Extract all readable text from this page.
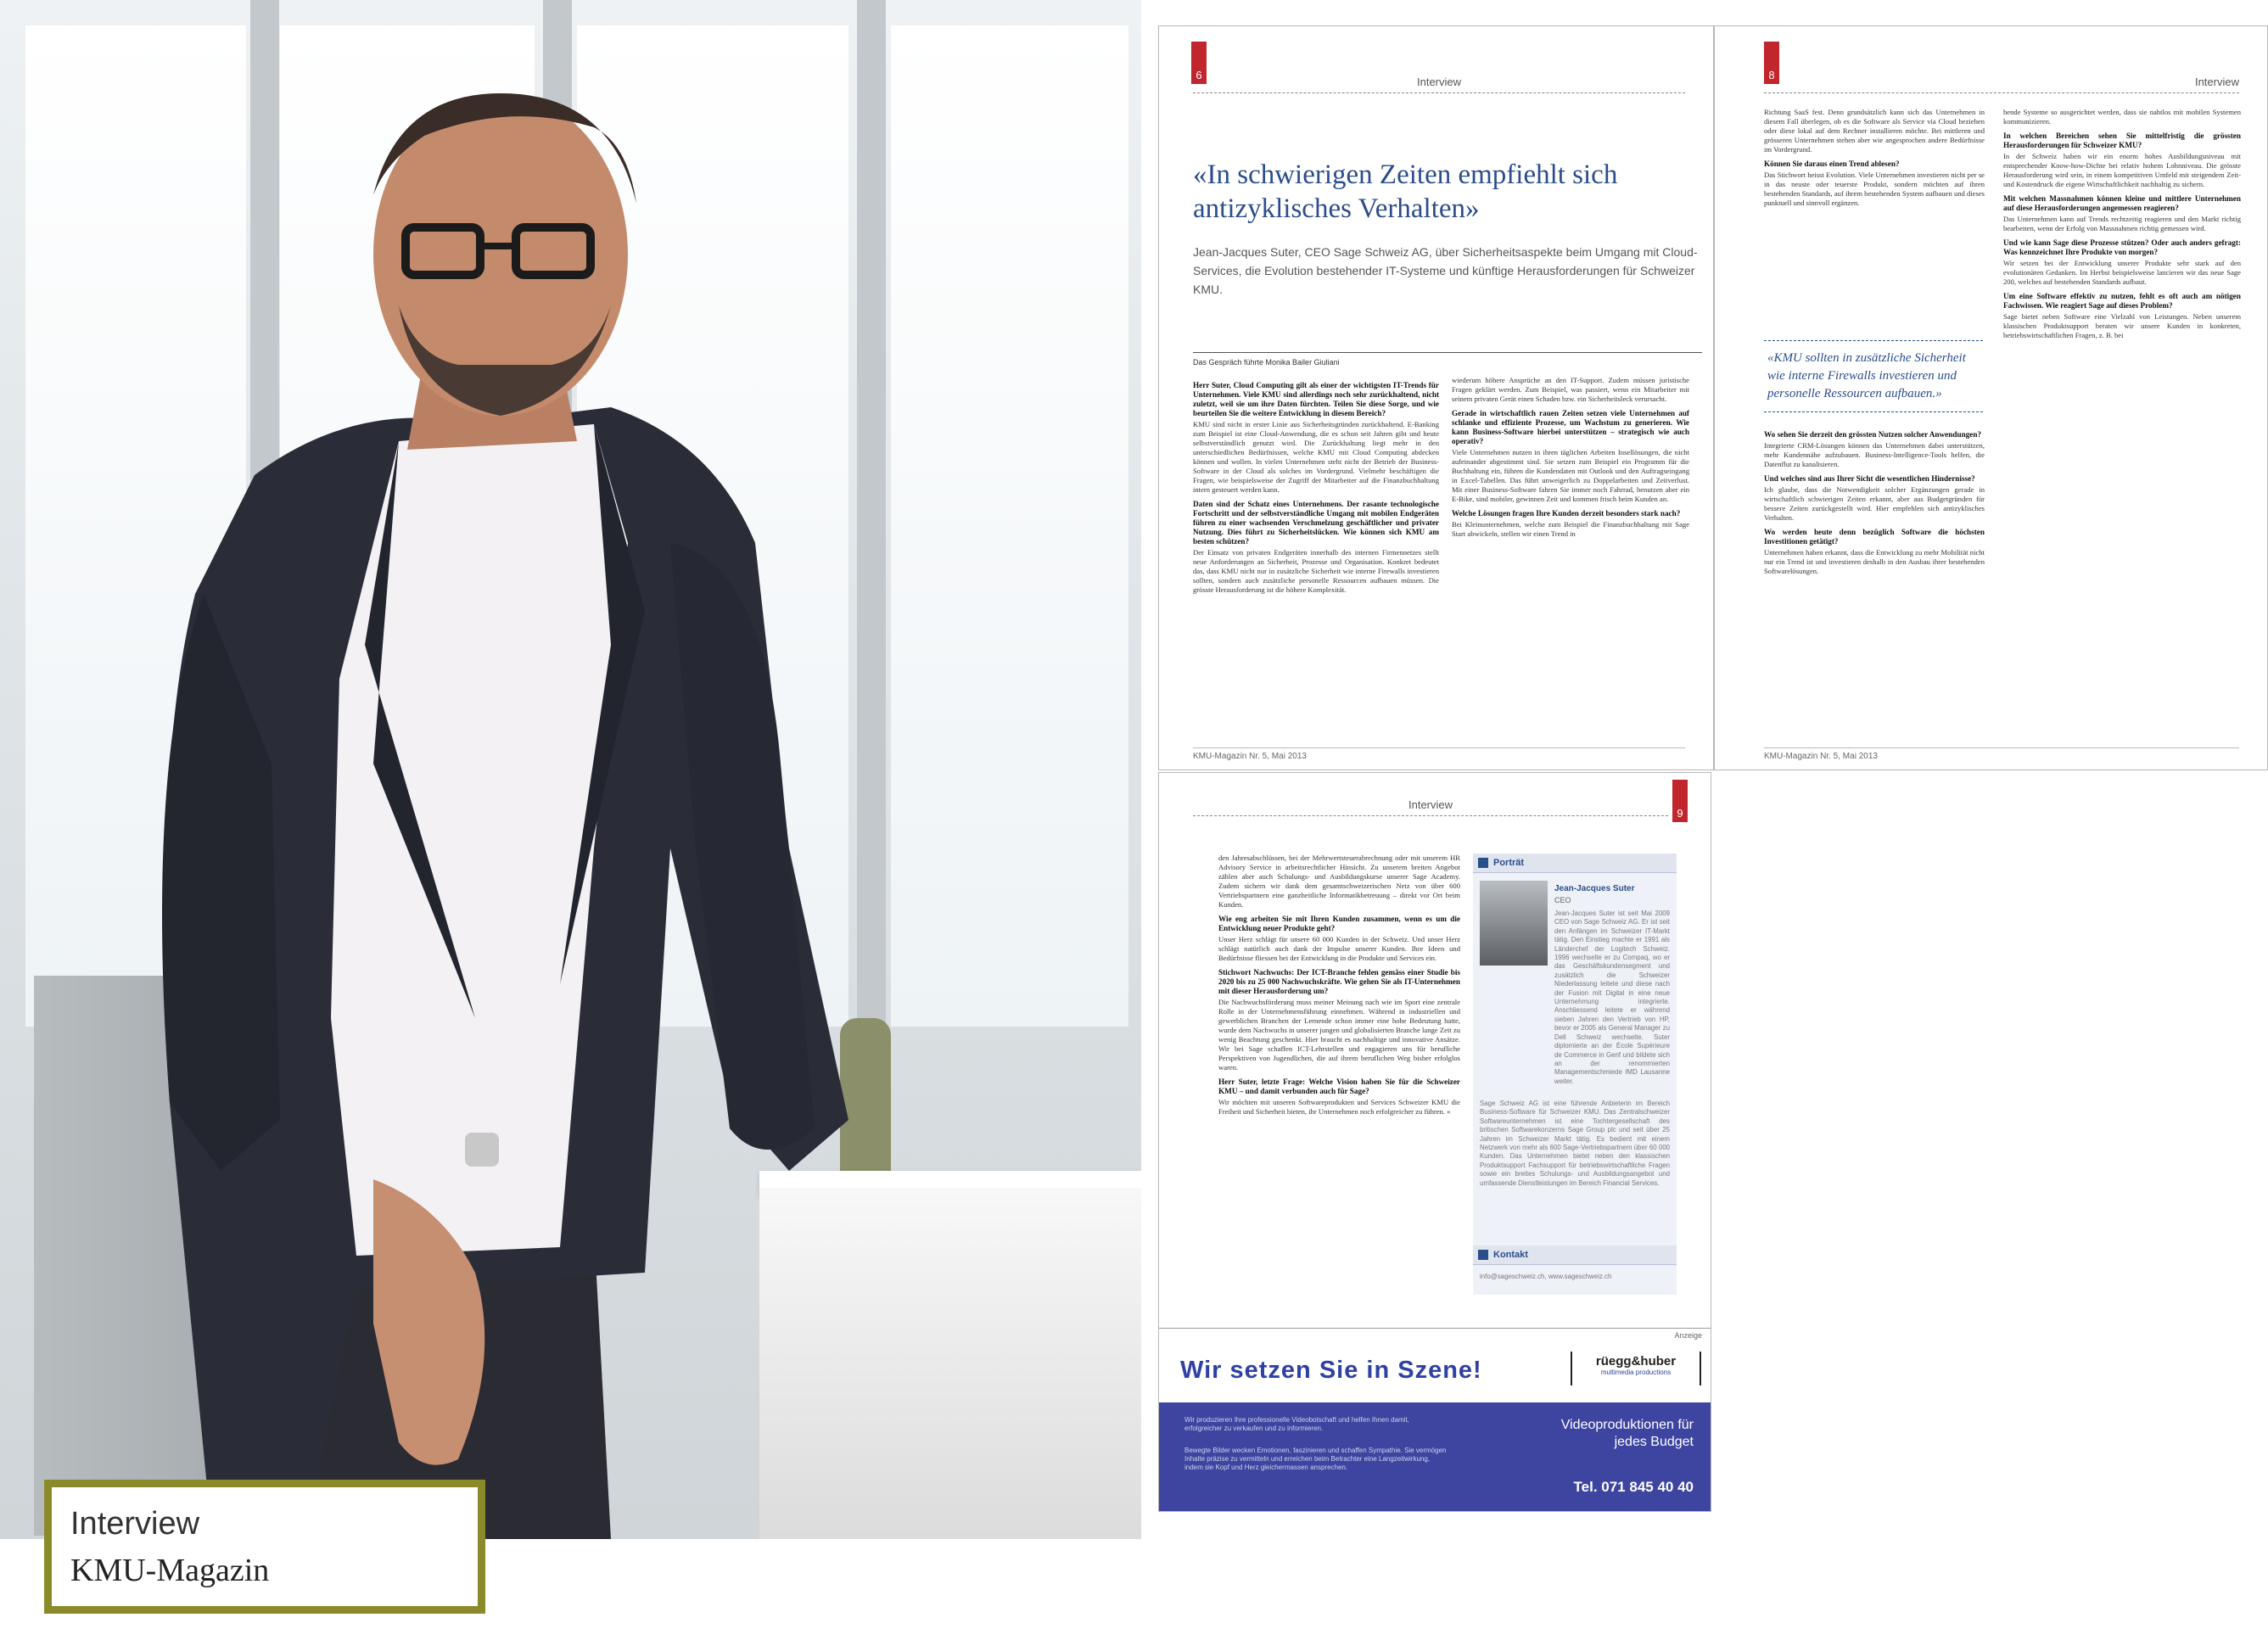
Interview
KMU-Magazin
6
Interview
«In schwierigen Zeiten empfiehlt sich antizyklisches Verhalten»
Jean-Jacques Suter, CEO Sage Schweiz AG, über Sicherheitsaspekte beim Umgang mit Cloud-Services, die Evolution bestehender IT-Systeme und künftige Herausforderungen für Schweizer KMU.
Das Gespräch führte Monika Bailer Giuliani
Herr Suter, Cloud Computing gilt als einer der wichtigsten IT-Trends für Unternehmen. Viele KMU sind allerdings noch sehr zurückhaltend, nicht zuletzt, weil sie um ihre Daten fürchten. Teilen Sie diese Sorge, und wie beurteilen Sie die weitere Entwicklung in diesem Bereich?

KMU sind nicht in erster Linie aus Sicherheitsgründen zurückhaltend. E-Banking zum Beispiel ist eine Cloud-Anwendung, die es schon seit Jahren gibt und heute selbstverständlich genutzt wird. Die Zurückhaltung liegt mehr in den unterschiedlichen Bedürfnissen, welche KMU mit Cloud Computing abdecken können und wollen. In vielen Unternehmen steht nicht der Betrieb der Business-Software in der Cloud als solches im Vordergrund. Vielmehr beschäftigen die Fragen, wie beispielsweise der Zugriff der Mitarbeiter auf die Finanzbuchhaltung intern gesteuert werden kann.

Daten sind der Schatz eines Unternehmens. Der rasante technologische Fortschritt und der selbstverständliche Umgang mit mobilen Endgeräten führen zu einer wachsenden Verschmelzung geschäftlicher und privater Nutzung. Dies führt zu Sicherheitslücken. Wie können sich KMU am besten schützen?

Der Einsatz von privaten Endgeräten innerhalb des internen Firmennetzes stellt neue Anforderungen an Sicherheit, Prozesse und Organisation. Konkret bedeutet das, dass KMU nicht nur in zusätzliche Sicherheit wie interne Firewalls investieren sollten, sondern auch zusätzliche personelle Ressourcen aufbauen müssen. Die grösste Herausforderung ist die höhere Komplexität.

wiederum höhere Ansprüche an den IT-Support. Zudem müssen juristische Fragen geklärt werden. Zum Beispiel, was passiert, wenn ein Mitarbeiter mit seinem privaten Gerät einen Schaden bzw. ein Sicherheitsleck verursacht.

Gerade in wirtschaftlich rauen Zeiten setzen viele Unternehmen auf schlanke und effiziente Prozesse, um Wachstum zu generieren. Wie kann Business-Software hierbei unterstützen – strategisch wie auch operativ?

Viele Unternehmen nutzen in ihren täglichen Arbeiten Insellösungen, die nicht aufeinander abgestimmt sind. Sie setzen zum Beispiel ein Programm für die Buchhaltung ein, führen die Kundendaten mit Outlook und den Auftragseingang in Excel-Tabellen. Das führt unweigerlich zu Doppelarbeiten und Zeitverlust. Mit einer Business-Software fahren Sie immer noch Fahrrad, benutzen aber ein E-Bike, sind mobiler, gewinnen Zeit und kommen frisch beim Kunden an.

Welche Lösungen fragen Ihre Kunden derzeit besonders stark nach?

Bei Kleinunternehmen, welche zum Beispiel die Finanzbuchhaltung mit Sage Start abwickeln, stellen wir einen Trend in

KMU-Magazin Nr. 5, Mai 2013
8
Interview

Richtung SaaS fest. Denn grundsätzlich kann sich das Unternehmen in diesem Fall überlegen, ob es die Software als Service via Cloud beziehen oder diese lokal auf dem Rechner installieren möchte. Bei mittleren und grösseren Unternehmen stehen aber wie angesprochen andere Bedürfnisse im Vordergrund.

Können Sie daraus einen Trend ablesen?

Das Stichwort heisst Evolution. Viele Unternehmen investieren nicht per se in das neuste oder teuerste Produkt, sondern möchten auf ihren bestehenden Standards, auf ihrem bestehenden System aufbauen und dieses punktuell und sinnvoll ergänzen.

«KMU sollten in zusätzliche Sicherheit wie interne Firewalls investieren und personelle Ressourcen aufbauen.»
Wo sehen Sie derzeit den grössten Nutzen solcher Anwendungen?

Integrierte CRM-Lösungen können das Unternehmen dabei unterstützen, mehr Kundennähe aufzubauen. Business-Intelligence-Tools helfen, die Datenflut zu kanalisieren.

Und welches sind aus Ihrer Sicht die wesentlichen Hindernisse?

Ich glaube, dass die Notwendigkeit solcher Ergänzungen gerade in wirtschaftlich schwierigen Zeiten erkannt, aber aus Budgetgründen für bessere Zeiten zurückgestellt wird. Hier empfehlen sich antizyklisches Verhalten.

Wo werden heute denn bezüglich Software die höchsten Investitionen getätigt?

Unternehmen haben erkannt, dass die Entwicklung zu mehr Mobilität nicht nur ein Trend ist und investieren deshalb in den Ausbau ihrer bestehenden Softwarelösungen.

hende Systeme so ausgerichtet werden, dass sie nahtlos mit mobilen Systemen kommunizieren.

In welchen Bereichen sehen Sie mittelfristig die grössten Herausforderungen für Schweizer KMU?

In der Schweiz haben wir ein enorm hohes Ausbildungsniveau mit entsprechender Know-how-Dichte bei relativ hohem Lohnniveau. Die grösste Herausforderung wird sein, in einem kompetitiven Umfeld mit steigendem Zeit- und Kostendruck die eigene Wirtschaftlichkeit nachhaltig zu sichern.

Mit welchen Massnahmen können kleine und mittlere Unternehmen auf diese Herausforderungen angemessen reagieren?

Das Unternehmen kann auf Trends rechtzeitig reagieren und den Markt richtig bearbeiten, wenn der Erfolg von Massnahmen richtig gemessen wird.

Und wie kann Sage diese Prozesse stützen? Oder auch anders gefragt: Was kennzeichnet Ihre Produkte von morgen?

Wir setzen bei der Entwicklung unserer Produkte sehr stark auf den evolutionären Gedanken. Im Herbst beispielsweise lancieren wir das neue Sage 200, welches auf bestehenden Standards aufbaut.

Um eine Software effektiv zu nutzen, fehlt es oft auch am nötigen Fachwissen. Wie reagiert Sage auf dieses Problem?

Sage bietet neben Software eine Vielzahl von Leistungen. Neben unserem klassischen Produktsupport beraten wir unsere Kunden in konkreten, betriebswirtschaftlichen Fragen, z. B. bei

KMU-Magazin Nr. 5, Mai 2013
Interview
9

den Jahresabschlüssen, bei der Mehrwertsteuerabrechnung oder mit unserem HR Advisory Service in arbeitsrechtlicher Hinsicht. Zu unserem breiten Angebot zählen aber auch Schulungs- und Ausbildungskurse unserer Sage Academy. Zudem sichern wir dank dem gesamtschweizerischen Netz von über 600 Vertriebspartnern eine ganzheitliche Informatikbetreuung – direkt vor Ort beim Kunden.

Wie eng arbeiten Sie mit Ihren Kunden zusammen, wenn es um die Entwicklung neuer Produkte geht?

Unser Herz schlägt für unsere 60 000 Kunden in der Schweiz. Und unser Herz schlägt natürlich auch dank der Impulse unserer Kunden. Ihre Ideen und Bedürfnisse fliessen bei der Entwicklung in die Produkte und Services ein.

Stichwort Nachwuchs: Der ICT-Branche fehlen gemäss einer Studie bis 2020 bis zu 25 000 Nachwuchskräfte. Wie gehen Sie als IT-Unternehmen mit dieser Herausforderung um?

Die Nachwuchsförderung muss meiner Meinung nach wie im Sport eine zentrale Rolle in der Unternehmensführung einnehmen. Während in industriellen und gewerblichen Branchen der Lernende schon immer eine hohe Bedeutung hatte, wurde dem Nachwuchs in unserer jungen und globalisierten Branche lange Zeit zu wenig Beachtung geschenkt. Hier braucht es nachhaltige und innovative Ansätze. Wir bei Sage schaffen ICT-Lehrstellen und engagieren uns für berufliche Perspektiven von Jugendlichen, die auf ihrem beruflichen Weg bisher erfolglos waren.

Herr Suter, letzte Frage: Welche Vision haben Sie für die Schweizer KMU – und damit verbunden auch für Sage?

Wir möchten mit unseren Softwareprodukten und Services Schweizer KMU die Freiheit und Sicherheit bieten, ihr Unternehmen noch erfolgreicher zu führen. «

Porträt
Jean-Jacques Suter
CEO
Jean-Jacques Suter ist seit Mai 2009 CEO von Sage Schweiz AG. Er ist seit den Anfängen im Schweizer IT-Markt tätig. Den Einstieg machte er 1991 als Länderchef der Logitech Schweiz. 1996 wechselte er zu Compaq, wo er das Geschäftskundensegment und zusätzlich die Schweizer Niederlassung leitete und diese nach der Fusion mit Digital in eine neue Unternehmung integrierte. Anschliessend leitete er während sieben Jahren den Vertrieb von HP, bevor er 2005 als General Manager zu Dell Schweiz wechselte. Suter diplomierte an der École Supérieure de Commerce in Genf und bildete sich an der renommierten Managementschmiede IMD Lausanne weiter.
Sage Schweiz AG ist eine führende Anbieterin im Bereich Business-Software für Schweizer KMU. Das Zentralschweizer Softwareunternehmen ist eine Tochtergesellschaft des britischen Softwarekonzerns Sage Group plc und seit über 25 Jahren im Schweizer Markt tätig. Es bedient mit einem Netzwerk von mehr als 600 Sage-Vertriebspartnern über 60 000 Kunden. Das Unternehmen bietet neben den klassischen Produktsupport Fachsupport für betriebswirtschaftliche Fragen sowie ein breites Schulungs- und Ausbildungsangebot und umfassende Dienstleistungen im Bereich Financial Services.
Kontakt
info@sageschweiz.ch, www.sageschweiz.ch
Anzeige
Wir setzen Sie in Szene!	rüegg&huber
multimedia productions
Wir produzieren Ihre professionelle Videobotschaft und helfen Ihnen damit, erfolgreicher zu verkaufen und zu informieren.
Bewegte Bilder wecken Emotionen, faszinieren und schaffen Sympathie. Sie vermögen Inhalte präzise zu vermitteln und erreichen beim Betrachter eine Langzeitwirkung, indem sie Kopf und Herz gleichermassen ansprechen.
Videoproduktionen für
jedes Budget
Tel. 071 845 40 40
